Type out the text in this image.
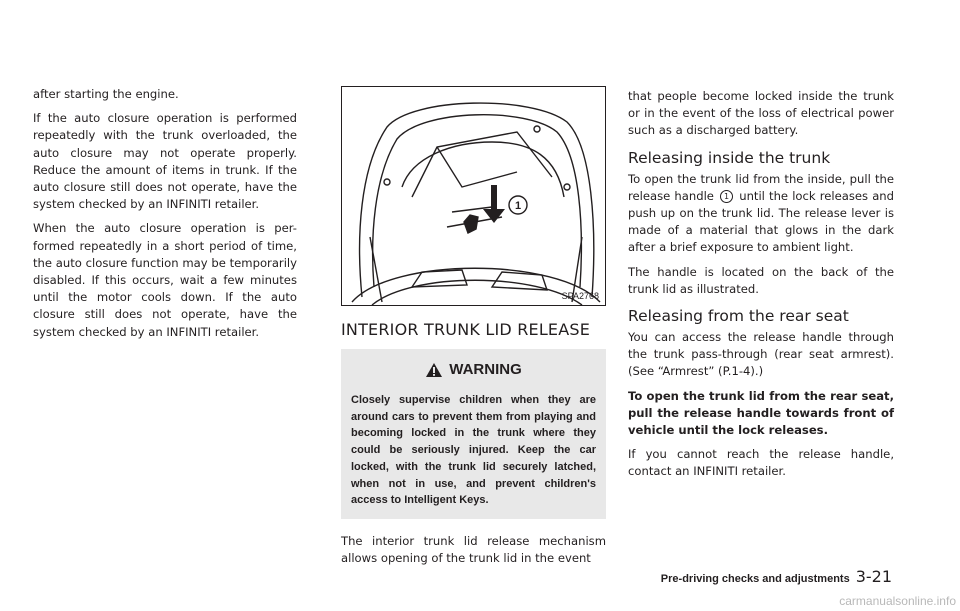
after starting the engine.

If the auto closure operation is performed repeatedly with the trunk overloaded, the auto closure may not operate properly. Reduce the amount of items in trunk. If the auto closure still does not operate, have the system checked by an INFINITI retailer.

When the auto closure operation is per-formed repeatedly in a short period of time, the auto closure function may be temporarily disabled. If this occurs, wait a few minutes until the motor cools down. If the auto closure still does not operate, have the system checked by an INFINITI retailer.

1
SPA2768
INTERIOR TRUNK LID RELEASE
WARNING

Closely supervise children when they are around cars to prevent them from playing and becoming locked in the trunk where they could be seriously injured. Keep the car locked, with the trunk lid securely latched, when not in use, and prevent children's access to Intelligent Keys.

The interior trunk lid release mechanism allows opening of the trunk lid in the event

that people become locked inside the trunk or in the event of the loss of electrical power such as a discharged battery.

Releasing inside the trunk

To open the trunk lid from the inside, pull the release handle 1 until the lock releases and push up on the trunk lid. The release lever is made of a material that glows in the dark after a brief exposure to ambient light.

The handle is located on the back of the trunk lid as illustrated.

Releasing from the rear seat

You can access the release handle through the trunk pass-through (rear seat armrest). (See “Armrest” (P.1-4).)

To open the trunk lid from the rear seat, pull the release handle towards front of vehicle until the lock releases.

If you cannot reach the release handle, contact an INFINITI retailer.

Pre-driving checks and adjustments 3-21
carmanualsonline.info
